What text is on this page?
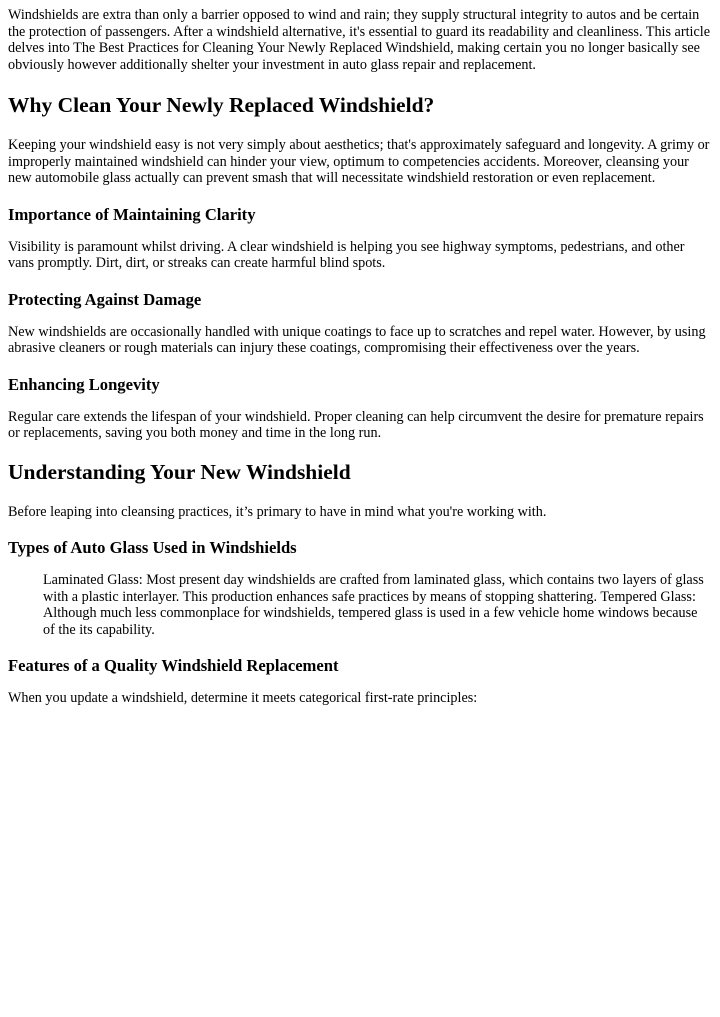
Windshields are extra than only a barrier opposed to wind and rain; they supply structural integrity to autos and be certain the protection of passengers. After a windshield alternative, it's essential to guard its readability and cleanliness. This article delves into The Best Practices for Cleaning Your Newly Replaced Windshield, making certain you no longer basically see obviously however additionally shelter your investment in auto glass repair and replacement.

Why Clean Your Newly Replaced Windshield?

Keeping your windshield easy is not very simply about aesthetics; that's approximately safeguard and longevity. A grimy or improperly maintained windshield can hinder your view, optimum to competencies accidents. Moreover, cleansing your new automobile glass actually can prevent smash that will necessitate windshield restoration or even replacement.

Importance of Maintaining Clarity

Visibility is paramount whilst driving. A clear windshield is helping you see highway symptoms, pedestrians, and other vans promptly. Dirt, dirt, or streaks can create harmful blind spots.

Protecting Against Damage

New windshields are occasionally handled with unique coatings to face up to scratches and repel water. However, by using abrasive cleaners or rough materials can injury these coatings, compromising their effectiveness over the years.

Enhancing Longevity

Regular care extends the lifespan of your windshield. Proper cleaning can help circumvent the desire for premature repairs or replacements, saving you both money and time in the long run.

Understanding Your New Windshield

Before leaping into cleansing practices, it’s primary to have in mind what you're working with.

Types of Auto Glass Used in Windshields

Laminated Glass: Most present day windshields are crafted from laminated glass, which contains two layers of glass with a plastic interlayer. This production enhances safe practices by means of stopping shattering. Tempered Glass: Although much less commonplace for windshields, tempered glass is used in a few vehicle home windows because of the its capability.

Features of a Quality Windshield Replacement

When you update a windshield, determine it meets categorical first-rate principles:
